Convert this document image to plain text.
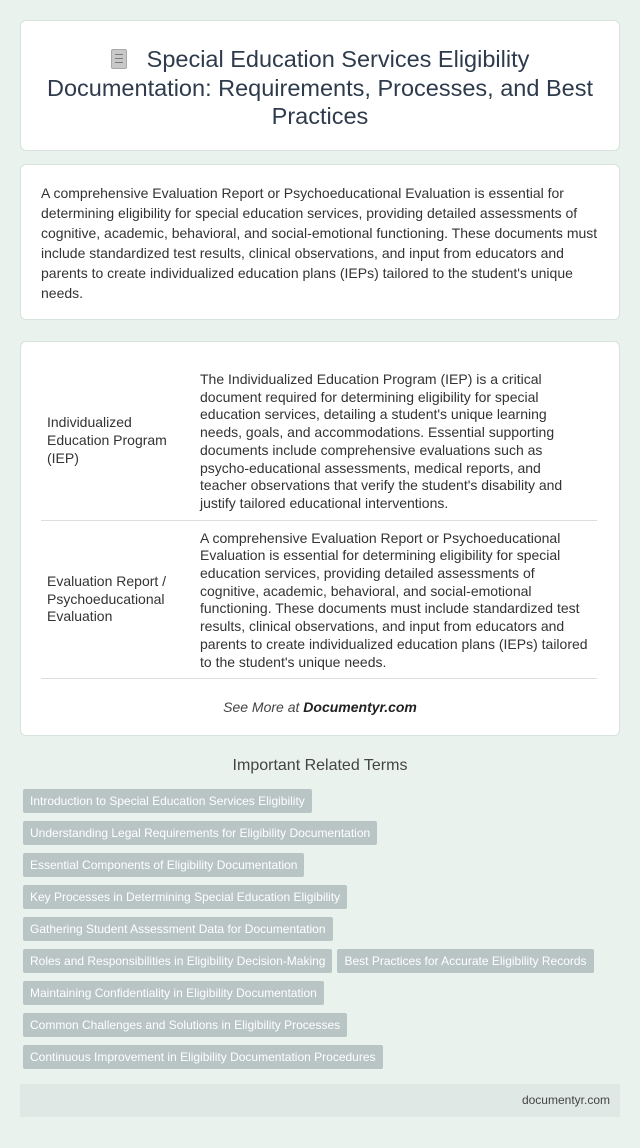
Special Education Services Eligibility Documentation: Requirements, Processes, and Best Practices

A comprehensive Evaluation Report or Psychoeducational Evaluation is essential for determining eligibility for special education services, providing detailed assessments of cognitive, academic, behavioral, and social-emotional functioning. These documents must include standardized test results, clinical observations, and input from educators and parents to create individualized education plans (IEPs) tailored to the student's unique needs.

Individualized Education Program (IEP)	The Individualized Education Program (IEP) is a critical document required for determining eligibility for special education services, detailing a student's unique learning needs, goals, and accommodations. Essential supporting documents include comprehensive evaluations such as psycho-educational assessments, medical reports, and teacher observations that verify the student's disability and justify tailored educational interventions.
Evaluation Report / Psychoeducational Evaluation	A comprehensive Evaluation Report or Psychoeducational Evaluation is essential for determining eligibility for special education services, providing detailed assessments of cognitive, academic, behavioral, and social-emotional functioning. These documents must include standardized test results, clinical observations, and input from educators and parents to create individualized education plans (IEPs) tailored to the student's unique needs.
See More at Documentyr.com
Important Related Terms
Introduction to Special Education Services Eligibility
Understanding Legal Requirements for Eligibility Documentation
Essential Components of Eligibility Documentation
Key Processes in Determining Special Education Eligibility
Gathering Student Assessment Data for Documentation
Roles and Responsibilities in Eligibility Decision-Making Best Practices for Accurate Eligibility Records
Maintaining Confidentiality in Eligibility Documentation
Common Challenges and Solutions in Eligibility Processes
Continuous Improvement in Eligibility Documentation Procedures
documentyr.com
